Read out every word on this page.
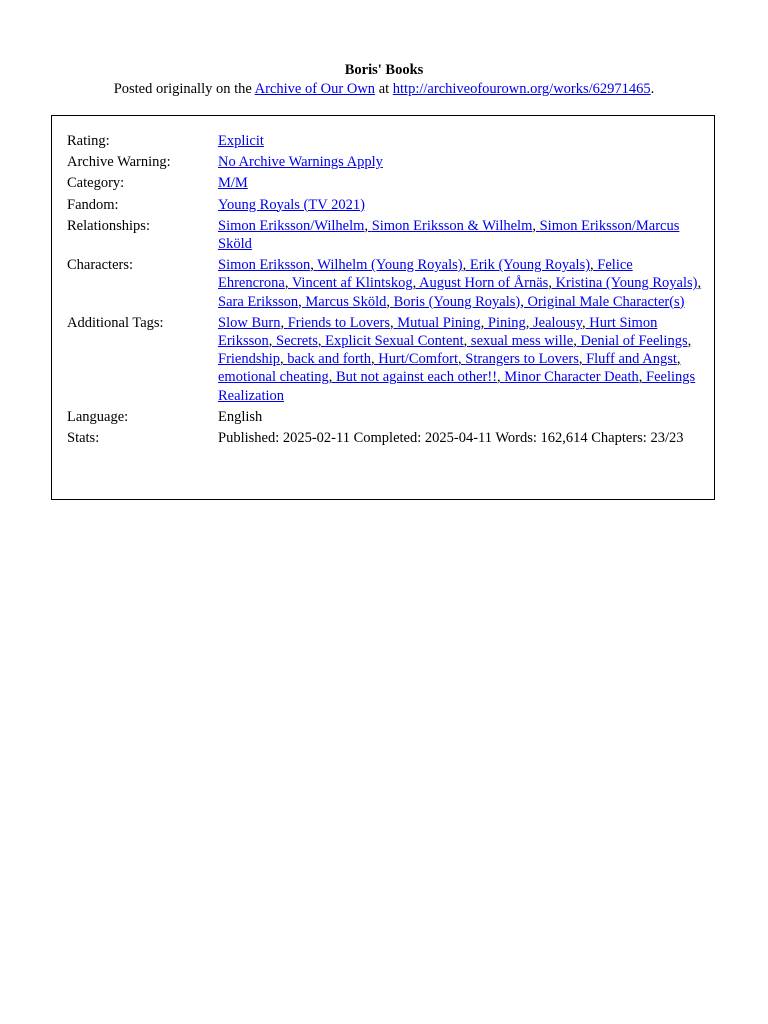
Boris' Books
Posted originally on the Archive of Our Own at http://archiveofourown.org/works/62971465.
Rating:	Explicit
Archive Warning:	No Archive Warnings Apply
Category:	M/M
Fandom:	Young Royals (TV 2021)
Relationships:	Simon Eriksson/Wilhelm , Simon Eriksson & Wilhelm , Simon Eriksson/Marcus Sköld
Characters:	Simon Eriksson , Wilhelm (Young Royals) , Erik (Young Royals) , Felice Ehrencrona , Vincent af Klintskog , August Horn of Årnäs , Kristina (Young Royals) , Sara Eriksson , Marcus Sköld , Boris (Young Royals) , Original Male Character(s)
Additional Tags:	Slow Burn , Friends to Lovers , Mutual Pining , Pining , Jealousy , Hurt Simon Eriksson , Secrets , Explicit Sexual Content , sexual mess wille , Denial of Feelings , Friendship , back and forth , Hurt/Comfort , Strangers to Lovers , Fluff and Angst , emotional cheating , But not against each other!! , Minor Character Death , Feelings Realization
Language:	English
Stats:	Published: 2025-02-11 Completed: 2025-04-11 Words: 162,614 Chapters: 23/23
